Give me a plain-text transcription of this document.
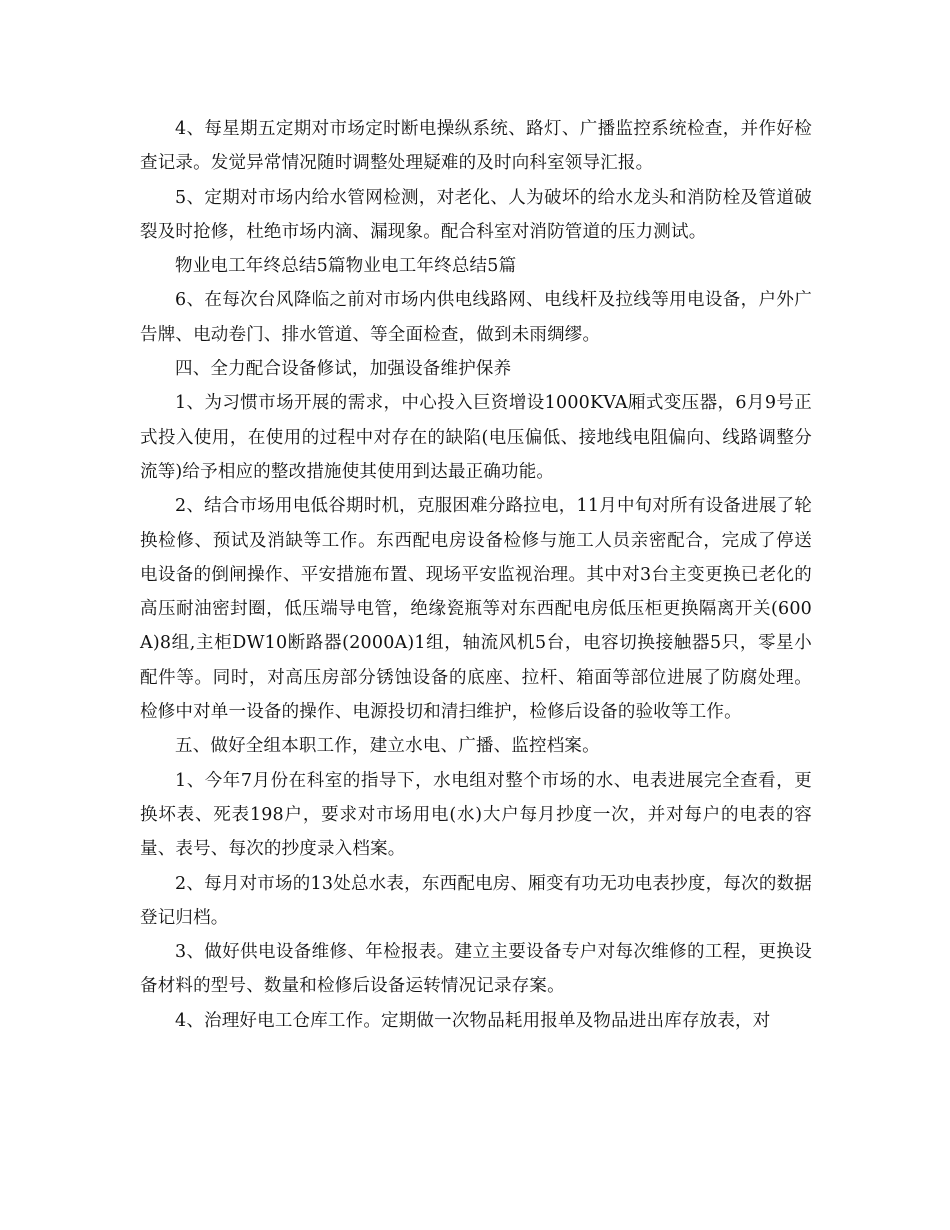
4、每星期五定期对市场定时断电操纵系统、路灯、广播监控系统检查，并作好检查记录。发觉异常情况随时调整处理疑难的及时向科室领导汇报。

5、定期对市场内给水管网检测，对老化、人为破坏的给水龙头和消防栓及管道破裂及时抢修，杜绝市场内滴、漏现象。配合科室对消防管道的压力测试。

物业电工年终总结5篇物业电工年终总结5篇

6、在每次台风降临之前对市场内供电线路网、电线杆及拉线等用电设备，户外广告牌、电动卷门、排水管道、等全面检查，做到未雨绸缪。

四、全力配合设备修试，加强设备维护保养

1、为习惯市场开展的需求，中心投入巨资增设1000KVA厢式变压器，6月9号正式投入使用，在使用的过程中对存在的缺陷(电压偏低、接地线电阻偏向、线路调整分流等)给予相应的整改措施使其使用到达最正确功能。

2、结合市场用电低谷期时机，克服困难分路拉电，11月中旬对所有设备进展了轮换检修、预试及消缺等工作。东西配电房设备检修与施工人员亲密配合，完成了停送电设备的倒闸操作、平安措施布置、现场平安监视治理。其中对3台主变更换已老化的高压耐油密封圈，低压端导电管，绝缘瓷瓶等对东西配电房低压柜更换隔离开关(600A)8组,主柜DW10断路器(2000A)1组，轴流风机5台，电容切换接触器5只，零星小配件等。同时，对高压房部分锈蚀设备的底座、拉杆、箱面等部位进展了防腐处理。检修中对单一设备的操作、电源投切和清扫维护，检修后设备的验收等工作。

五、做好全组本职工作，建立水电、广播、监控档案。

1、今年7月份在科室的指导下，水电组对整个市场的水、电表进展完全查看，更换坏表、死表198户，要求对市场用电(水)大户每月抄度一次，并对每户的电表的容量、表号、每次的抄度录入档案。

2、每月对市场的13处总水表，东西配电房、厢变有功无功电表抄度，每次的数据登记归档。

3、做好供电设备维修、年检报表。建立主要设备专户对每次维修的工程，更换设备材料的型号、数量和检修后设备运转情况记录存案。

4、治理好电工仓库工作。定期做一次物品耗用报单及物品进出库存放表，对
